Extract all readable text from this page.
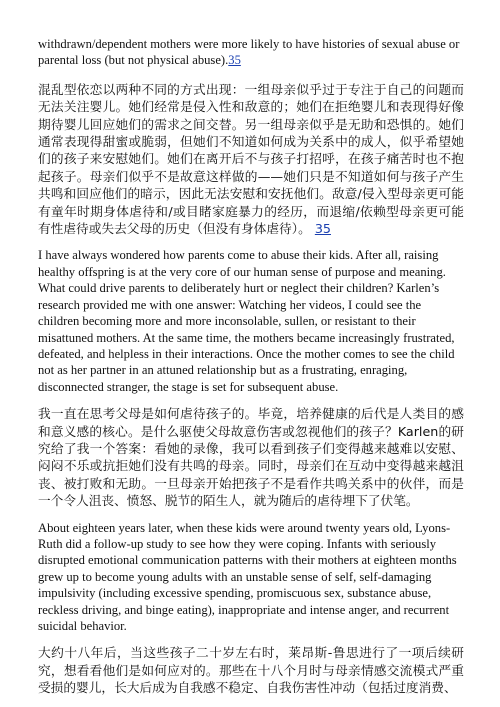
withdrawn/dependent mothers were more likely to have histories of sexual abuse or parental loss (but not physical abuse).35

混乱型依恋以两种不同的方式出现：一组母亲似乎过于专注于自己的问题而无法关注婴儿。她们经常是侵入性和敌意的；她们在拒绝婴儿和表现得好像期待婴儿回应她们的需求之间交替。另一组母亲似乎是无助和恐惧的。她们通常表现得甜蜜或脆弱，但她们不知道如何成为关系中的成人，似乎希望她们的孩子来安慰她们。她们在离开后不与孩子打招呼，在孩子痛苦时也不抱起孩子。母亲们似乎不是故意这样做的——她们只是不知道如何与孩子产生共鸣和回应他们的暗示，因此无法安慰和安抚他们。敌意/侵入型母亲更可能有童年时期身体虐待和/或目睹家庭暴力的经历，而退缩/依赖型母亲更可能有性虐待或失去父母的历史（但没有身体虐待）。 35

I have always wondered how parents come to abuse their kids. After all, raising healthy offspring is at the very core of our human sense of purpose and meaning. What could drive parents to deliberately hurt or neglect their children? Karlen’s research provided me with one answer: Watching her videos, I could see the children becoming more and more inconsolable, sullen, or resistant to their misattuned mothers. At the same time, the mothers became increasingly frustrated, defeated, and helpless in their interactions. Once the mother comes to see the child not as her partner in an attuned relationship but as a frustrating, enraging, disconnected stranger, the stage is set for subsequent abuse.

我一直在思考父母是如何虐待孩子的。毕竟，培养健康的后代是人类目的感和意义感的核心。是什么驱使父母故意伤害或忽视他们的孩子？Karlen的研究给了我一个答案：看她的录像，我可以看到孩子们变得越来越难以安慰、闷闷不乐或抗拒她们没有共鸣的母亲。同时，母亲们在互动中变得越来越沮丧、被打败和无助。一旦母亲开始把孩子不是看作共鸣关系中的伙伴，而是一个令人沮丧、愤怒、脱节的陌生人，就为随后的虐待埋下了伏笔。

About eighteen years later, when these kids were around twenty years old, Lyons-Ruth did a follow-up study to see how they were coping. Infants with seriously disrupted emotional communication patterns with their mothers at eighteen months grew up to become young adults with an unstable sense of self, self-damaging impulsivity (including excessive spending, promiscuous sex, substance abuse, reckless driving, and binge eating), inappropriate and intense anger, and recurrent suicidal behavior.

大约十八年后，当这些孩子二十岁左右时，莱昂斯-鲁思进行了一项后续研究，想看看他们是如何应对的。那些在十八个月时与母亲情感交流模式严重受损的婴儿，长大后成为自我感不稳定、自我伤害性冲动（包括过度消费、
